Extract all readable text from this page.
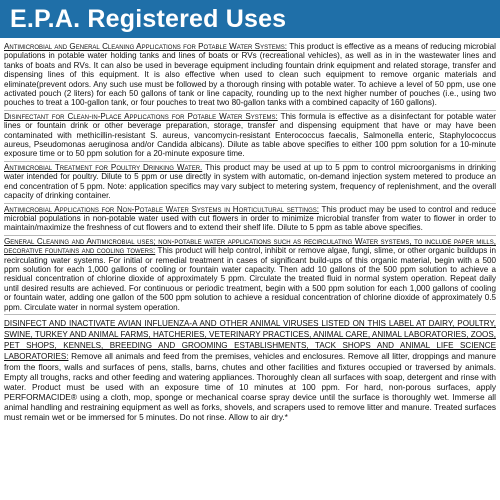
E.P.A. Registered Uses

Antimicrobial and General Cleaning Applications for Potable Water Systems: This product is effective as a means of reducing microbial populations in potable water holding tanks and lines of boats or RVs (recreational vehicles), as well as in in the wastewater lines and tanks of boats and RVs. It can also be used in beverage equipment including fountain drink equipment and related storage, transfer and dispensing lines of this equipment. It is also effective when used to clean such equipment to remove organic materials and eliminate(prevent odors. Any such use must be followed by a thorough rinsing with potable water. To achieve a level of 50 ppm, use one activated pouch (2 liters) for each 50 gallons of tank or line capacity, rounding up to the next higher number of pouches (i.e., using two pouches to treat a 100-gallon tank, or four pouches to treat two 80-gallon tanks with a combined capacity of 160 gallons).

Disinfectant for Clean-in-Place Applications for Potable Water Systems: This formula is effective as a disinfectant for potable water lines or fountain drink or other beverage preparation, storage, transfer and dispensing equipment that have or may have been contaminated with methicillin-resistant S. aureus, vancomycin-resistant Enterococcus faecalis, Salmonella enteric, Staphylococcus aureus, Pseudomonas aeruginosa and/or Candida albicans). Dilute as table above specifies to either 100 ppm solution for a 10-minute exposure time or to 50 ppm solution for a 20-minute exposure time.

Antimicrobial Treatment for Poultry Drinking Water. This product may be used at up to 5 ppm to control microorganisms in drinking water intended for poultry. Dilute to 5 ppm or use directly in system with automatic, on-demand injection system metered to produce an end concentration of 5 ppm. Note: application specifics may vary subject to metering system, frequency of replenishment, and the overall capacity of drinking container.

Antimicrobial Applications for Non-Potable Water Systems in Horticultural settings: This product may be used to control and reduce microbial populations in non-potable water used with cut flowers in order to minimize microbial transfer from water to flower in order to maintain/maximize the freshness of cut flowers and to extend their shelf life. Dilute to 5 ppm as table above specifies.

General Cleaning and Antimicrobial uses; non-potable water applications such as recirculating Water systems, to include paper mills, decorative fountains and cooling towers: This product will help control, inhibit or remove algae, fungi, slime, or other organic buildups in recirculating water systems. For initial or remedial treatment in cases of significant build-ups of this organic material, begin with a 500 ppm solution for each 1,000 gallons of cooling or fountain water capacity. Then add 10 gallons of the 500 ppm solution to achieve a residual concentration of chlorine dioxide of approximately 5 ppm. Circulate the treated fluid in normal system operation. Repeat daily until desired results are achieved. For continuous or periodic treatment, begin with a 500 ppm solution for each 1,000 gallons of cooling or fountain water, adding one gallon of the 500 ppm solution to achieve a residual concentration of chlorine dioxide of approximately 0.5 ppm. Circulate water in normal system operation.

DISINFECT AND INACTIVATE AVIAN INFLUENZA-A AND OTHER ANIMAL VIRUSES LISTED ON THIS LABEL AT DAIRY, POULTRY, SWINE, TURKEY AND ANIMAL FARMS, HATCHERIES, VETERINARY PRACTICES, ANIMAL CARE, ANIMAL LABORATORIES, ZOOS, PET SHOPS, KENNELS, BREEDING AND GROOMING ESTABLISHMENTS, TACK SHOPS AND ANIMAL LIFE SCIENCE LABORATORIES: Remove all animals and feed from the premises, vehicles and enclosures. Remove all litter, droppings and manure from the floors, walls and surfaces of pens, stalls, barns, chutes and other facilities and fixtures occupied or traversed by animals. Empty all troughs, racks and other feeding and watering appliances. Thoroughly clean all surfaces with soap, detergent and rinse with water. Product must be used with an exposure time of 10 minutes at 100 ppm. For hard, non-porous surfaces, apply PERFORMACIDE® using a cloth, mop, sponge or mechanical coarse spray device until the surface is thoroughly wet. Immerse all animal handling and restraining equipment as well as forks, shovels, and scrapers used to remove litter and manure. Treated surfaces must remain wet or be immersed for 5 minutes. Do not rinse. Allow to air dry.*
